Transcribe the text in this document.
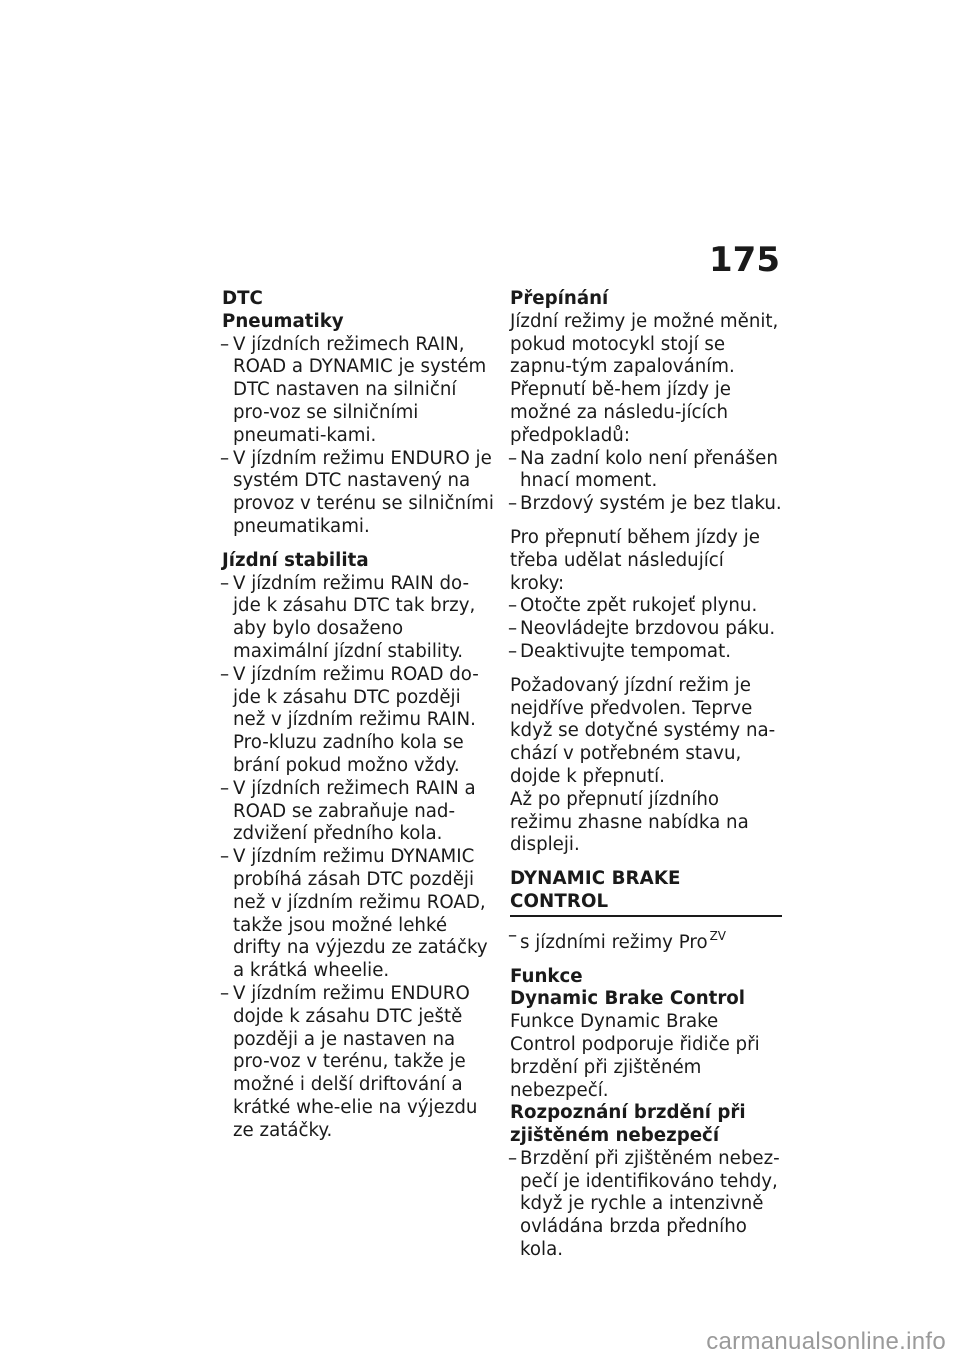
175

DTC

Pneumatiky

– V jízdních režimech RAIN, ROAD a DYNAMIC je systém DTC nastaven na silniční pro-voz se silničními pneumati-kami.
– V jízdním režimu ENDURO je systém DTC nastavený na provoz v terénu se silničními pneumatikami.

Jízdní stabilita

– V jízdním režimu RAIN do-jde k zásahu DTC tak brzy, aby bylo dosaženo maximální jízdní stability.
– V jízdním režimu ROAD do-jde k zásahu DTC později než v jízdním režimu RAIN. Pro-kluzu zadního kola se brání pokud možno vždy.
– V jízdních režimech RAIN a ROAD se zabraňuje nad-zdvižení předního kola.
– V jízdním režimu DYNAMIC probíhá zásah DTC později než v jízdním režimu ROAD, takže jsou možné lehké drifty na výjezdu ze zatáčky a krátká wheelie.
– V jízdním režimu ENDURO dojde k zásahu DTC ještě později a je nastaven na pro-voz v terénu, takže je možné i delší driftování a krátké whe-elie na výjezdu ze zatáčky.

Přepínání

Jízdní režimy je možné měnit, pokud motocykl stojí se zapnu-tým zapalováním. Přepnutí bě-hem jízdy je možné za následu-jících předpokladů:

– Na zadní kolo není přenášen hnací moment.
– Brzdový systém je bez tlaku.

Pro přepnutí během jízdy je třeba udělat následující kroky:

– Otočte zpět rukojeť plynu.
– Neovládejte brzdovou páku.
– Deaktivujte tempomat.

Požadovaný jízdní režim je nejdříve předvolen. Teprve když se dotyčné systémy na-chází v potřebném stavu, dojde k přepnutí.

Až po přepnutí jízdního režimu zhasne nabídka na displeji.

DYNAMIC BRAKE CONTROL

– s jízdními režimy Pro $^{ZV}$

Funkce

Dynamic Brake Control

Funkce Dynamic Brake Control podporuje řidiče při brzdění při zjištěném nebezpečí.

Rozpoznání brzdění při zjištěném nebezpečí

– Brzdění při zjištěném nebez-pečí je identifikováno tehdy, když je rychle a intenzivně ovládána brzda předního kola.
carmanualsonline.info
